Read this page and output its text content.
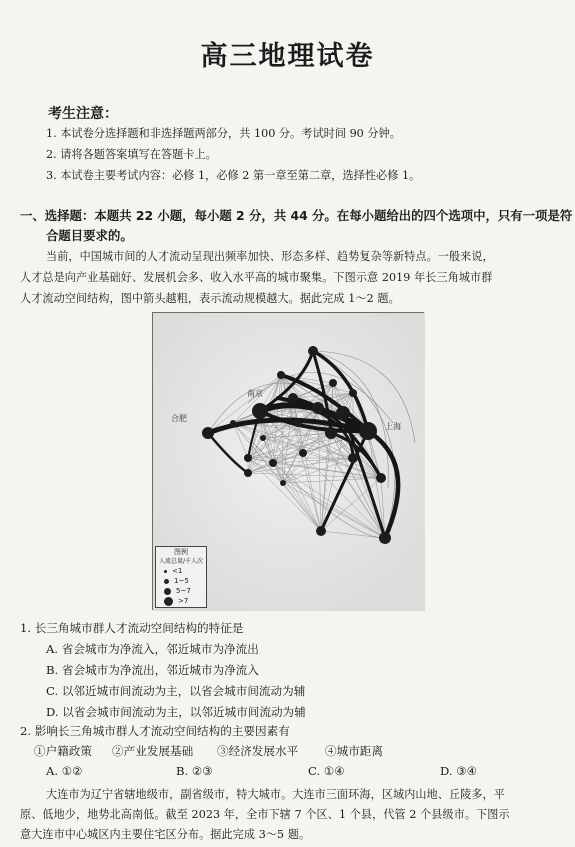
高三地理试卷
考生注意：
1. 本试卷分选择题和非选择题两部分，共 100 分。考试时间 90 分钟。
2. 请将各题答案填写在答题卡上。
3. 本试卷主要考试内容：必修 1，必修 2 第一章至第二章，选择性必修 1。
一、选择题：本题共 22 小题，每小题 2 分，共 44 分。在每小题给出的四个选项中，只有一项是符
合题目要求的。
当前，中国城市间的人才流动呈现出频率加快、形态多样、趋势复杂等新特点。一般来说，
人才总是向产业基础好、发展机会多、收入水平高的城市聚集。下图示意 2019 年长三角城市群
人才流动空间结构，图中箭头越粗，表示流动规模越大。据此完成 1～2 题。
合肥
南京
上海
图例
人流总量/千人次
<1
1~5
5~7
>7
1. 长三角城市群人才流动空间结构的特征是
A. 省会城市为净流入，邻近城市为净流出
B. 省会城市为净流出，邻近城市为净流入
C. 以邻近城市间流动为主，以省会城市间流动为辅
D. 以省会城市间流动为主，以邻近城市间流动为辅
2. 影响长三角城市群人才流动空间结构的主要因素有
①户籍政策 ②产业发展基础 ③经济发展水平 ④城市距离
A. ①②	B. ②③	C. ①④	D. ③④
大连市为辽宁省辖地级市，副省级市，特大城市。大连市三面环海，区域内山地、丘陵多，平
原、低地少，地势北高南低。截至 2023 年，全市下辖 7 个区、1 个县，代管 2 个县级市。下图示
意大连市中心城区内主要住宅区分布。据此完成 3～5 题。
